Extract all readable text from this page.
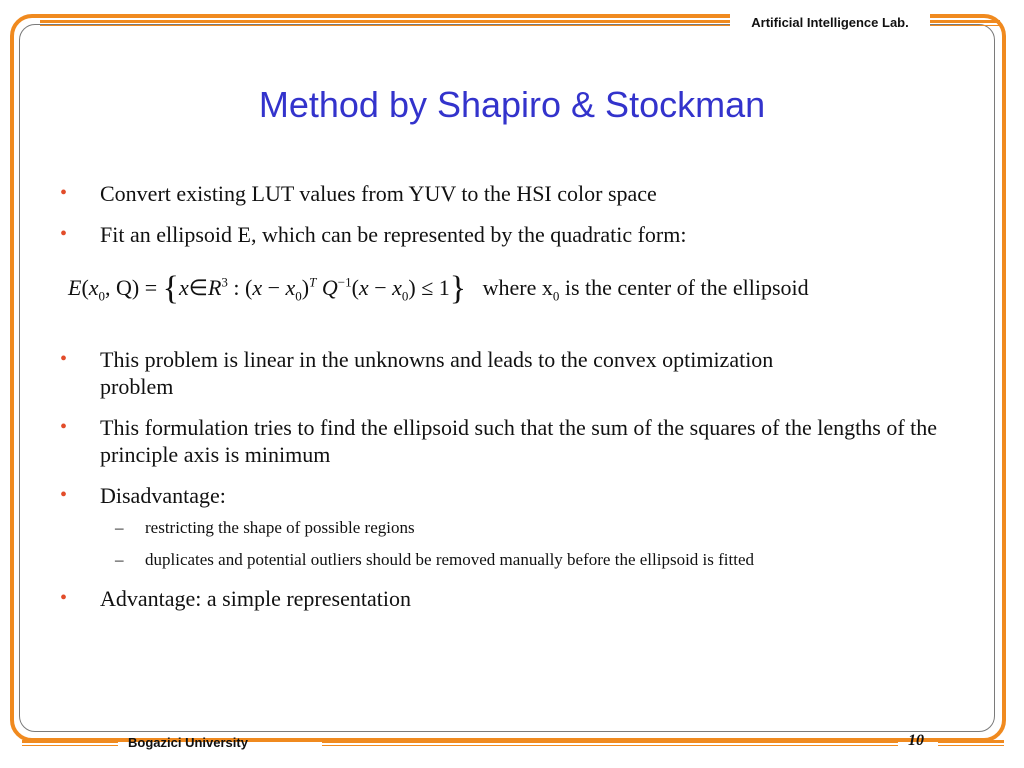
Artificial Intelligence Lab.
Method by Shapiro & Stockman
• Convert existing LUT values from YUV to the HSI color space
• Fit an ellipsoid E, which can be represented by the quadratic form:
$E(x_0$, $Q) = \{x\in R^3$ : $(x - x_0)^T$ $Q^{-1}(x - x_0) \le 1$} where $x_0$ is the center of the ellipsoid
• This problem is linear in the unknowns and leads to the convex optimization problem
• This formulation tries to find the ellipsoid such that the sum of the squares of the lengths of the principle axis is minimum
• Disadvantage:
– restricting the shape of possible regions
– duplicates and potential outliers should be removed manually before the ellipsoid is fitted
• Advantage: a simple representation
Bogazici University	10
